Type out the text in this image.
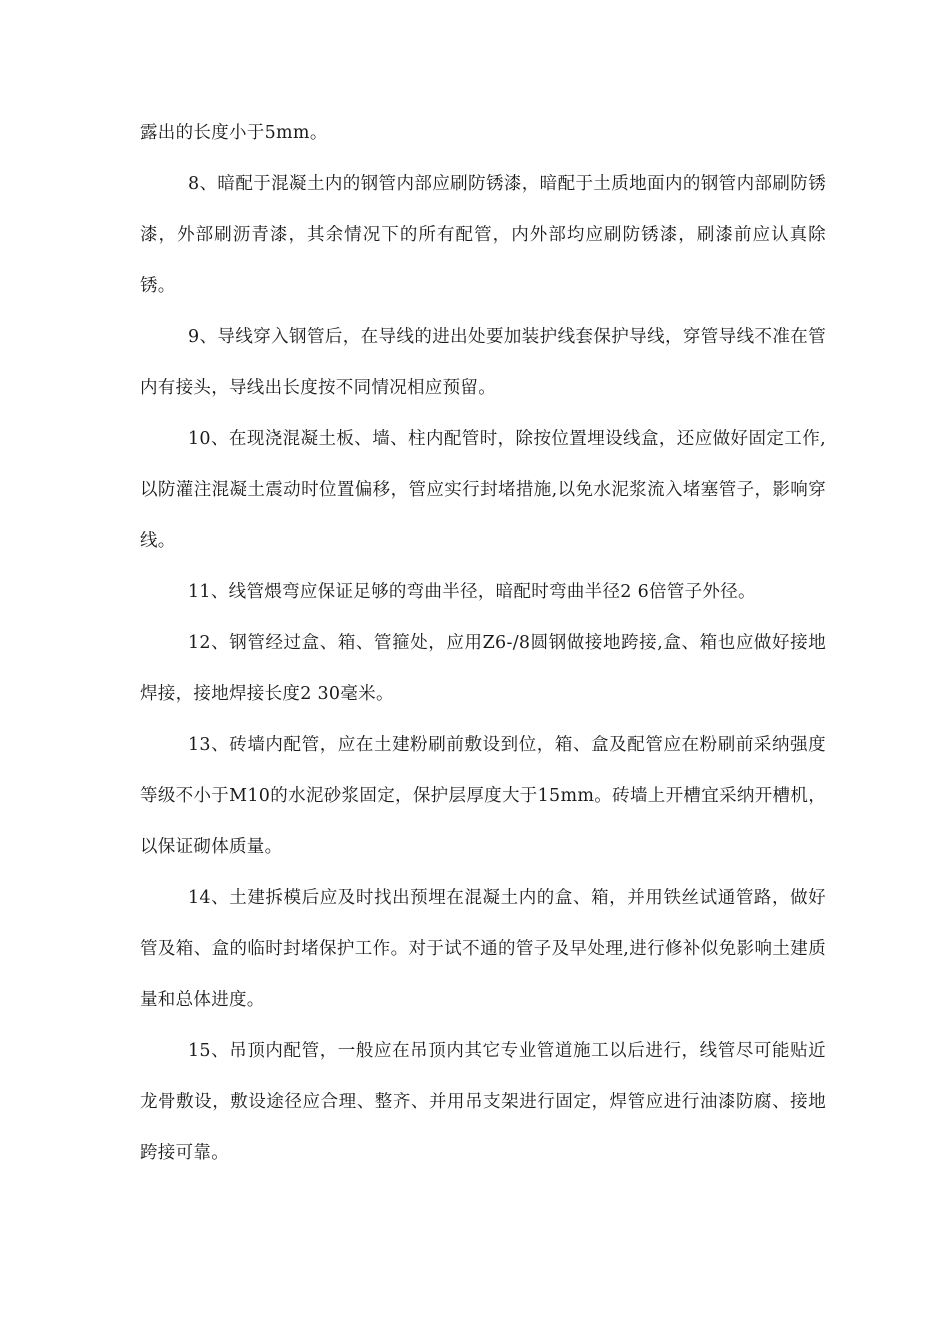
露出的长度小于5mm。

8、暗配于混凝土内的钢管内部应刷防锈漆，暗配于土质地面内的钢管内部刷防锈漆，外部刷沥青漆，其余情况下的所有配管，内外部均应刷防锈漆，刷漆前应认真除锈。

9、导线穿入钢管后，在导线的进出处要加装护线套保护导线，穿管导线不准在管内有接头，导线出长度按不同情况相应预留。

10、在现浇混凝土板、墙、柱内配管时，除按位置埋设线盒，还应做好固定工作,以防灌注混凝土震动时位置偏移，管应实行封堵措施,以免水泥浆流入堵塞管子，影响穿线。

11、线管煨弯应保证足够的弯曲半径，暗配时弯曲半径2 6倍管子外径。

12、钢管经过盒、箱、管箍处，应用Z6-/8圆钢做接地跨接,盒、箱也应做好接地焊接，接地焊接长度2 30毫米。

13、砖墙内配管，应在土建粉刷前敷设到位，箱、盒及配管应在粉刷前采纳强度等级不小于M10的水泥砂浆固定，保护层厚度大于15mm。砖墙上开槽宜采纳开槽机，以保证砌体质量。

14、土建拆模后应及时找出预埋在混凝土内的盒、箱，并用铁丝试通管路，做好管及箱、盒的临时封堵保护工作。对于试不通的管子及早处理,进行修补似免影响土建质量和总体进度。

15、吊顶内配管，一般应在吊顶内其它专业管道施工以后进行，线管尽可能贴近龙骨敷设，敷设途径应合理、整齐、并用吊支架进行固定，焊管应进行油漆防腐、接地跨接可靠。
